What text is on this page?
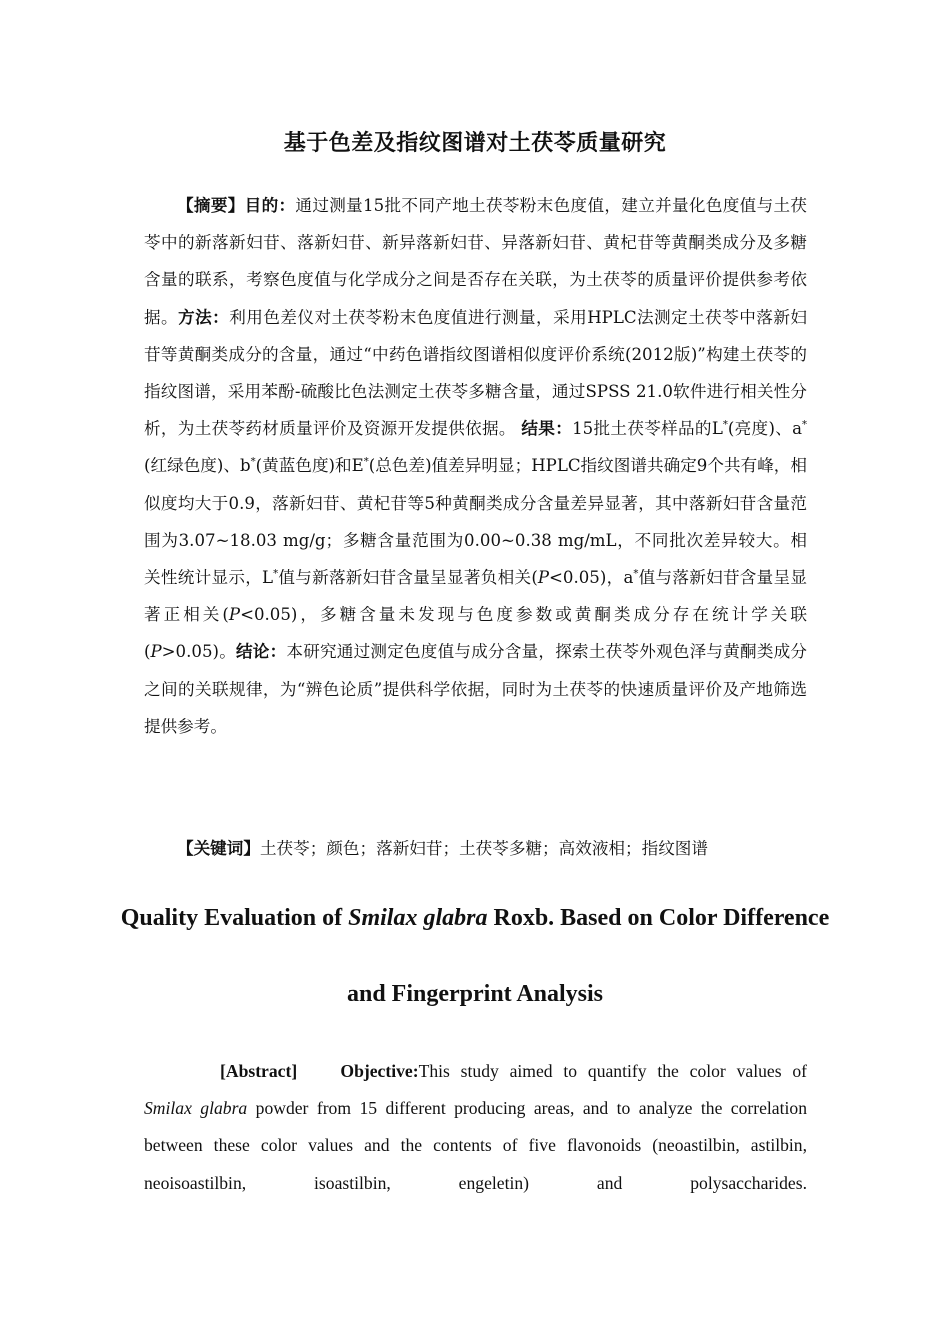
基于色差及指纹图谱对土茯苓质量研究

【摘要】目的：通过测量15批不同产地土茯苓粉末色度值，建立并量化色度值与土茯苓中的新落新妇苷、落新妇苷、新异落新妇苷、异落新妇苷、黄杞苷等黄酮类成分及多糖含量的联系，考察色度值与化学成分之间是否存在关联，为土茯苓的质量评价提供参考依据。方法：利用色差仪对土茯苓粉末色度值进行测量，采用HPLC法测定土茯苓中落新妇苷等黄酮类成分的含量，通过“中药色谱指纹图谱相似度评价系统(2012版)”构建土茯苓的指纹图谱，采用苯酚-硫酸比色法测定土茯苓多糖含量，通过SPSS 21.0软件进行相关性分析，为土茯苓药材质量评价及资源开发提供依据。 结果：15批土茯苓样品的L*(亮度)、a*(红绿色度)、b*(黄蓝色度)和E*(总色差)值差异明显；HPLC指纹图谱共确定9个共有峰，相似度均大于0.9，落新妇苷、黄杞苷等5种黄酮类成分含量差异显著，其中落新妇苷含量范围为3.07~18.03 mg/g；多糖含量范围为0.00~0.38 mg/mL，不同批次差异较大。相关性统计显示，L*值与新落新妇苷含量呈显著负相关(P<0.05)，a*值与落新妇苷含量呈显著正相关(P<0.05)，多糖含量未发现与色度参数或黄酮类成分存在统计学关联(P>0.05)。结论：本研究通过测定色度值与成分含量，探索土茯苓外观色泽与黄酮类成分之间的关联规律，为“辨色论质”提供科学依据，同时为土茯苓的快速质量评价及产地筛选提供参考。

【关键词】土茯苓；颜色；落新妇苷；土茯苓多糖；高效液相；指纹图谱

Quality Evaluation of Smilax glabra Roxb. Based on Color Difference and Fingerprint Analysis

[Abstract] Objective:This study aimed to quantify the color values of Smilax glabra powder from 15 different producing areas, and to analyze the correlation between these color values and the contents of five flavonoids (neoastilbin, astilbin, neoisoastilbin, isoastilbin, engeletin) and polysaccharides.
